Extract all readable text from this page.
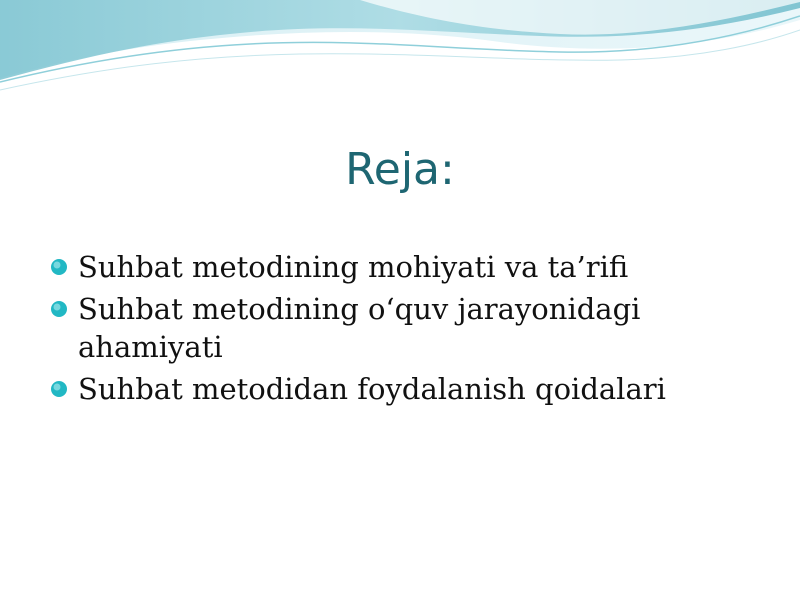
Reja:
Suhbat metodining mohiyati va ta’rifi
Suhbat metodining o‘quv jarayonidagi ahamiyati
Suhbat metodidan foydalanish qoidalari
